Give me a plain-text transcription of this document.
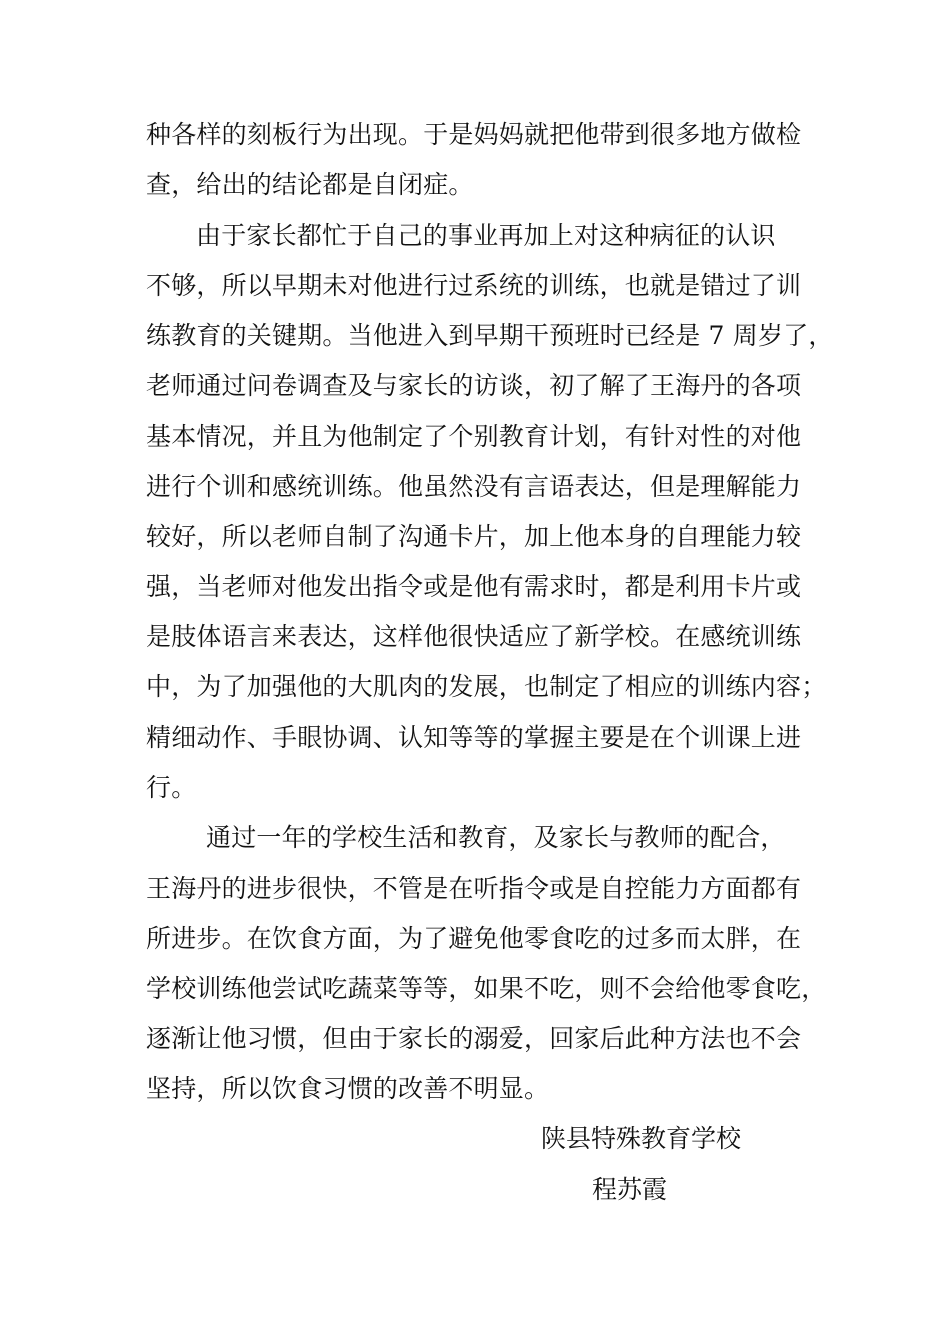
种各样的刻板行为出现。于是妈妈就把他带到很多地方做检
查，给出的结论都是自闭症。
由于家长都忙于自己的事业再加上对这种病征的认识
不够，所以早期未对他进行过系统的训练，也就是错过了训
练教育的关键期。当他进入到早期干预班时已经是 7 周岁了，
老师通过问卷调查及与家长的访谈，初了解了王海丹的各项
基本情况，并且为他制定了个别教育计划，有针对性的对他
进行个训和感统训练。他虽然没有言语表达，但是理解能力
较好，所以老师自制了沟通卡片，加上他本身的自理能力较
强，当老师对他发出指令或是他有需求时，都是利用卡片或
是肢体语言来表达，这样他很快适应了新学校。在感统训练
中，为了加强他的大肌肉的发展，也制定了相应的训练内容；
精细动作、手眼协调、认知等等的掌握主要是在个训课上进
行。
通过一年的学校生活和教育，及家长与教师的配合，
王海丹的进步很快，不管是在听指令或是自控能力方面都有
所进步。在饮食方面，为了避免他零食吃的过多而太胖，在
学校训练他尝试吃蔬菜等等，如果不吃，则不会给他零食吃，
逐渐让他习惯，但由于家长的溺爱，回家后此种方法也不会
坚持，所以饮食习惯的改善不明显。
陕县特殊教育学校
程苏霞
